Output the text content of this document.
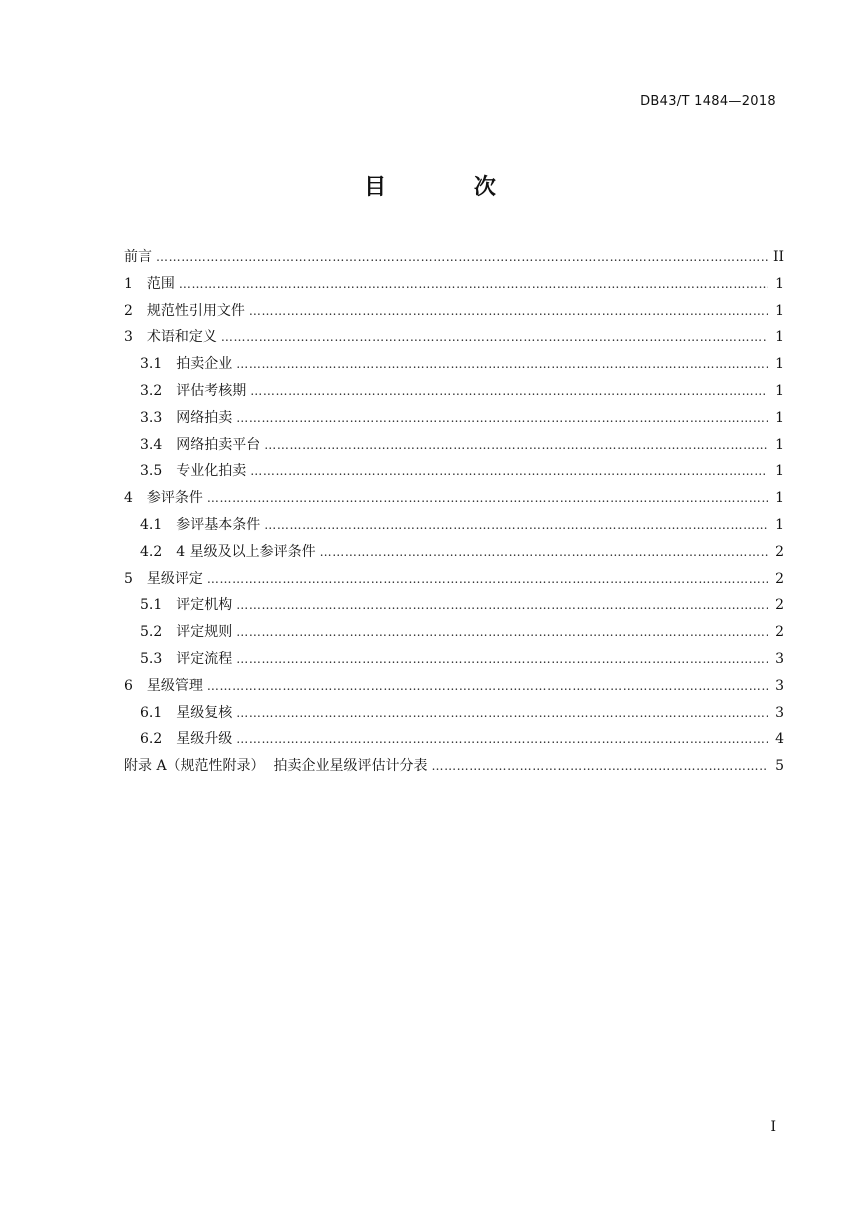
DB43/T 1484—2018
目 次
前言 ……………………………………………………………………………………………………………………………………………………………………………	II
1	范围 ……………………………………………………………………………………………………………………………………………………………………………	1
2	规范性引用文件 ……………………………………………………………………………………………………………………………………………………………………………	1
3	术语和定义 ……………………………………………………………………………………………………………………………………………………………………………	1
3.1	拍卖企业 ……………………………………………………………………………………………………………………………………………………………………………	1
3.2	评估考核期 ……………………………………………………………………………………………………………………………………………………………………………	1
3.3	网络拍卖 ……………………………………………………………………………………………………………………………………………………………………………	1
3.4	网络拍卖平台 ……………………………………………………………………………………………………………………………………………………………………………	1
3.5	专业化拍卖 ……………………………………………………………………………………………………………………………………………………………………………	1
4	参评条件 ……………………………………………………………………………………………………………………………………………………………………………	1
4.1	参评基本条件 ……………………………………………………………………………………………………………………………………………………………………………	1
4.2	4 星级及以上参评条件 ……………………………………………………………………………………………………………………………………………………………………………	2
5	星级评定 ……………………………………………………………………………………………………………………………………………………………………………	2
5.1	评定机构 ……………………………………………………………………………………………………………………………………………………………………………	2
5.2	评定规则 ……………………………………………………………………………………………………………………………………………………………………………	2
5.3	评定流程 ……………………………………………………………………………………………………………………………………………………………………………	3
6	星级管理 ……………………………………………………………………………………………………………………………………………………………………………	3
6.1	星级复核 ……………………………………………………………………………………………………………………………………………………………………………	3
6.2	星级升级 ……………………………………………………………………………………………………………………………………………………………………………	4
附录 A（规范性附录）  拍卖企业星级评估计分表 ……………………………………………………………………………………………………………………………………………………………………………	5
I
